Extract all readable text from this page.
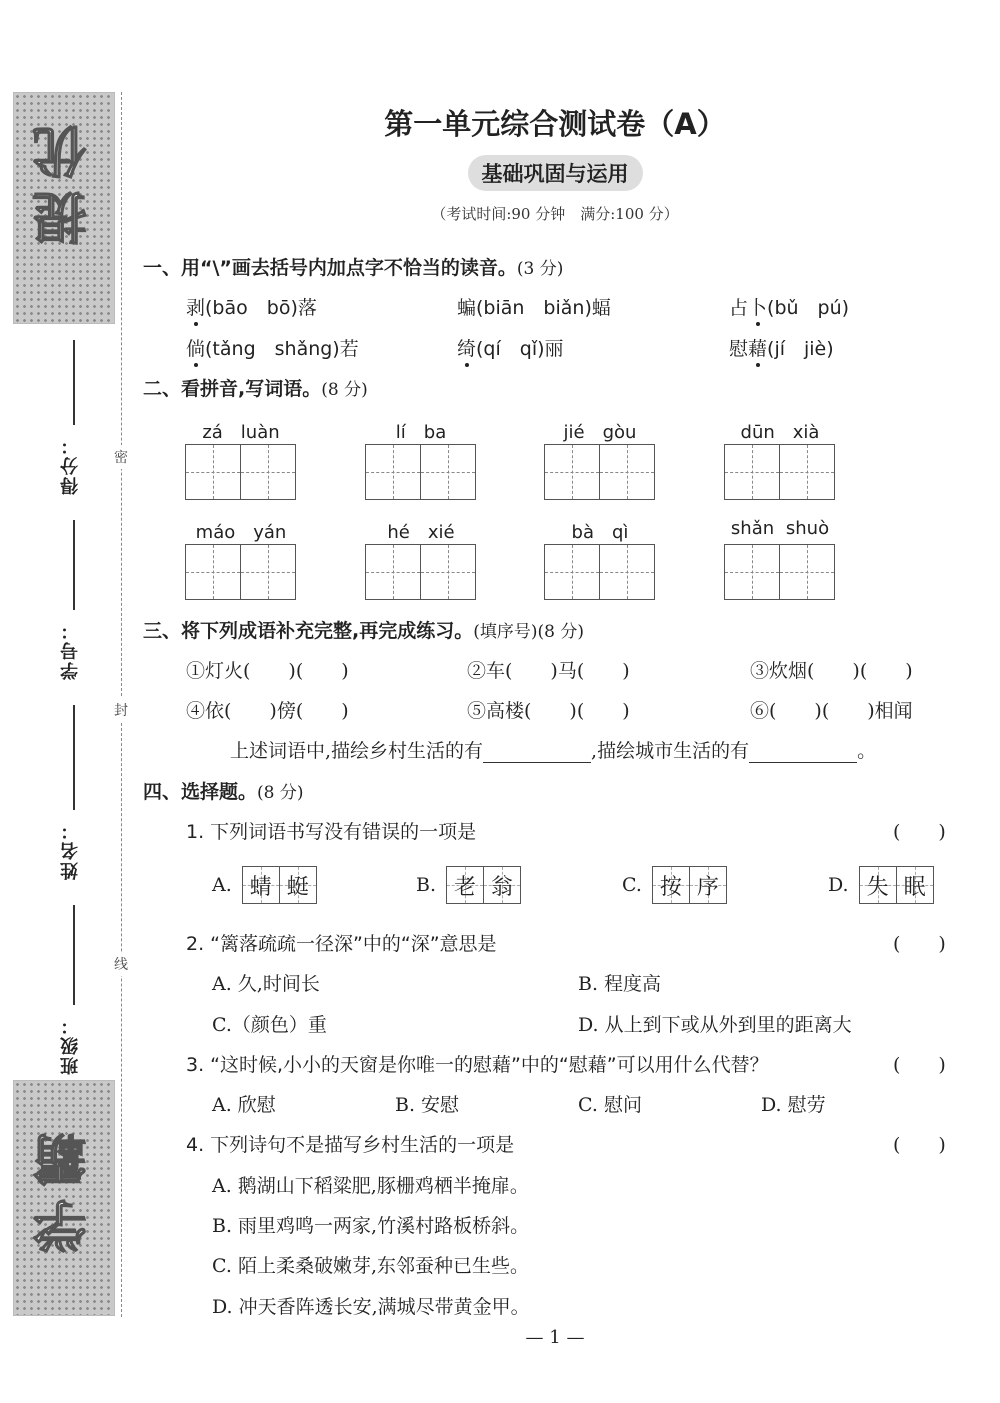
提优
学霸
得分：
学号：
姓名：
班级：
密
封
线
第一单元综合测试卷（A）
基础巩固与运用
（考试时间:90 分钟　满分:100 分）
一、用“\”画去括号内加点字不恰当的读音。(3 分)
剥(bāo　bō)落	蝙(biān　biǎn)蝠	占卜(bǔ　pú)
倘(tǎng　shǎng)若	绮(qí　qǐ)丽	慰藉(jí　jiè)
二、看拼音,写词语。(8 分)
zá　luàn	lí　ba	jié　gòu	dūn　xià
máo　yán	hé　xié	bà　qì	shǎn shuò
三、将下列成语补充完整,再完成练习。(填序号)(8 分)
①灯火(　　)(　　)	②车(　　)马(　　)	③炊烟(　　)(　　)
④依(　　)傍(　　)	⑤高楼(　　)(　　)	⑥(　　)(　　)相闻
上述词语中,描绘乡村生活的有	,描绘城市生活的有	。
四、选择题。(8 分)
1. 下列词语书写没有错误的一项是	(　　)
A. 蜻 蜓	B. 老 翁	C. 按 序	D. 失 眠
2. “篱落疏疏一径深”中的“深”意思是	(　　)
A. 久,时间长	B. 程度高
C.（颜色）重	D. 从上到下或从外到里的距离大
3. “这时候,小小的天窗是你唯一的慰藉”中的“慰藉”可以用什么代替？	(　　)
A. 欣慰	B. 安慰	C. 慰问	D. 慰劳
4. 下列诗句不是描写乡村生活的一项是	(　　)
A. 鹅湖山下稻粱肥,豚栅鸡栖半掩扉。
B. 雨里鸡鸣一两家,竹溪村路板桥斜。
C. 陌上柔桑破嫩芽,东邻蚕种已生些。
D. 冲天香阵透长安,满城尽带黄金甲。
— 1 —
